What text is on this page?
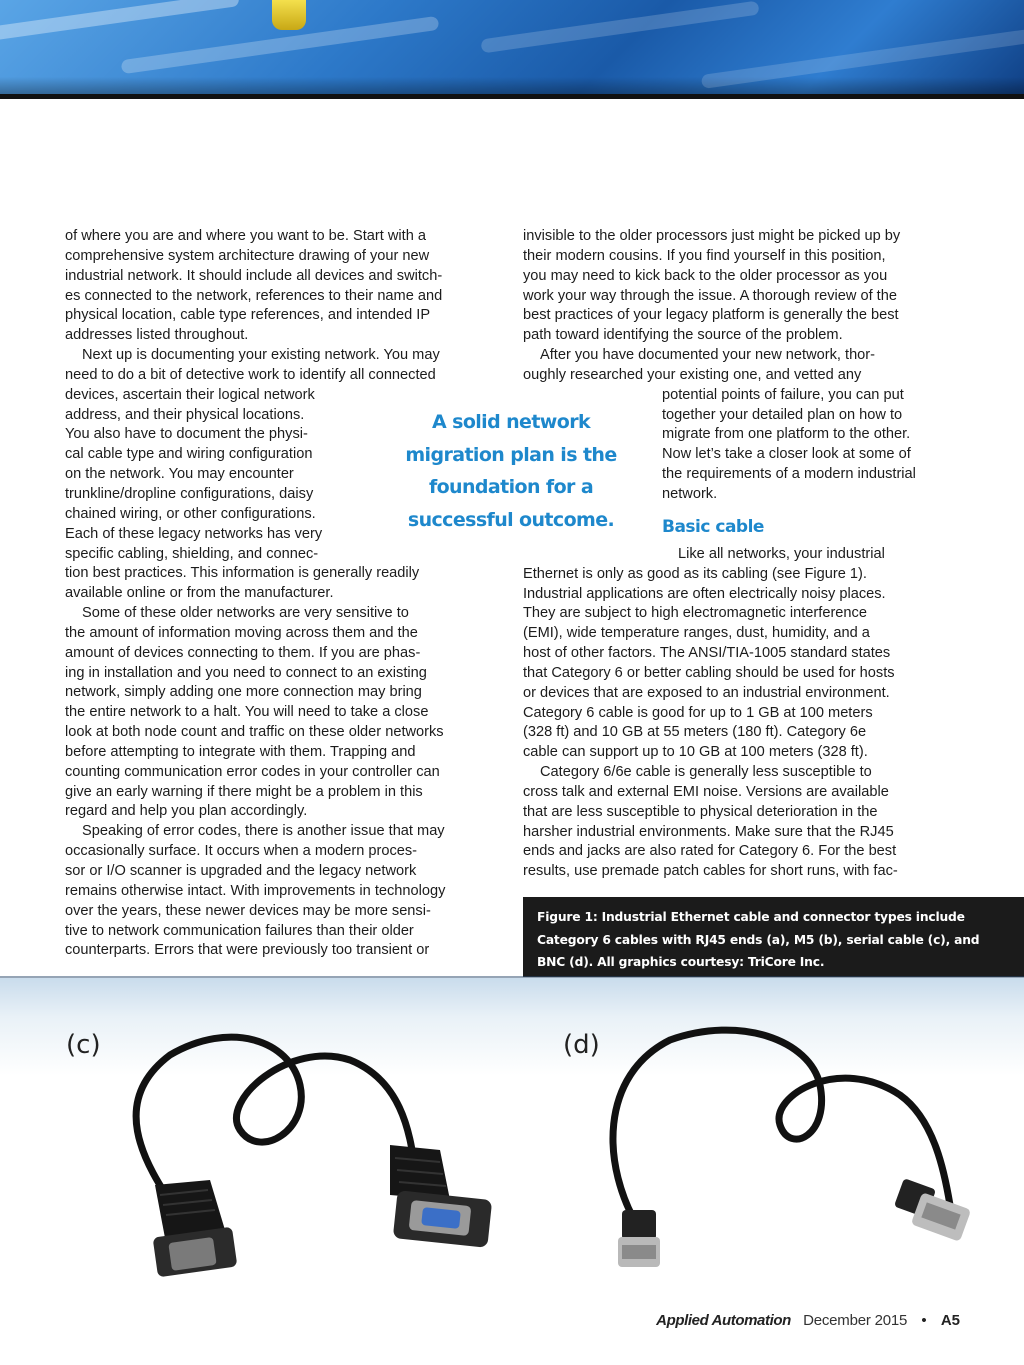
of where you are and where you want to be. Start with a
comprehensive system architecture drawing of your new
industrial network. It should include all devices and switch-
es connected to the network, references to their name and
physical location, cable type references, and intended IP
addresses listed throughout.

Next up is documenting your existing network. You may
need to do a bit of detective work to identify all connected
devices, ascertain their logical network
address, and their physical locations.
You also have to document the physi-
cal cable type and wiring configuration
on the network. You may encounter
trunkline/dropline configurations, daisy
chained wiring, or other configurations.
Each of these legacy networks has very
specific cabling, shielding, and connec-
tion best practices. This information is generally readily
available online or from the manufacturer.

Some of these older networks are very sensitive to
the amount of information moving across them and the
amount of devices connecting to them. If you are phas-
ing in installation and you need to connect to an existing
network, simply adding one more connection may bring
the entire network to a halt. You will need to take a close
look at both node count and traffic on these older networks
before attempting to integrate with them. Trapping and
counting communication error codes in your controller can
give an early warning if there might be a problem in this
regard and help you plan accordingly.

Speaking of error codes, there is another issue that may
occasionally surface. It occurs when a modern proces-
sor or I/O scanner is upgraded and the legacy network
remains otherwise intact. With improvements in technology
over the years, these newer devices may be more sensi-
tive to network communication failures than their older
counterparts. Errors that were previously too transient or

A solid network
migration plan is the
foundation for a
successful outcome.

invisible to the older processors just might be picked up by
their modern cousins. If you find yourself in this position,
you may need to kick back to the older processor as you
work your way through the issue. A thorough review of the
best practices of your legacy platform is generally the best
path toward identifying the source of the problem.

After you have documented your new network, thor-
oughly researched your existing one, and vetted any

potential points of failure, you can put
together your detailed plan on how to
migrate from one platform to the other.
Now let’s take a closer look at some of
the requirements of a modern industrial
network.

Like all networks, your industrial
Ethernet is only as good as its cabling (see Figure 1).
Industrial applications are often electrically noisy places.
They are subject to high electromagnetic interference
(EMI), wide temperature ranges, dust, humidity, and a
host of other factors. The ANSI/TIA-1005 standard states
that Category 6 or better cabling should be used for hosts
or devices that are exposed to an industrial environment.
Category 6 cable is good for up to 1 GB at 100 meters
(328 ft) and 10 GB at 55 meters (180 ft). Category 6e
cable can support up to 10 GB at 100 meters (328 ft).

Category 6/6e cable is generally less susceptible to
cross talk and external EMI noise. Versions are available
that are less susceptible to physical deterioration in the
harsher industrial environments. Make sure that the RJ45
ends and jacks are also rated for Category 6. For the best
results, use premade patch cables for short runs, with fac-

Basic cable

Figure 1: Industrial Ethernet cable and connector types include
Category 6 cables with RJ45 ends (a), M5 (b), serial cable (c), and
BNC (d). All graphics courtesy: TriCore Inc.

(c)	(d)
Applied Automation December 2015 • A5
